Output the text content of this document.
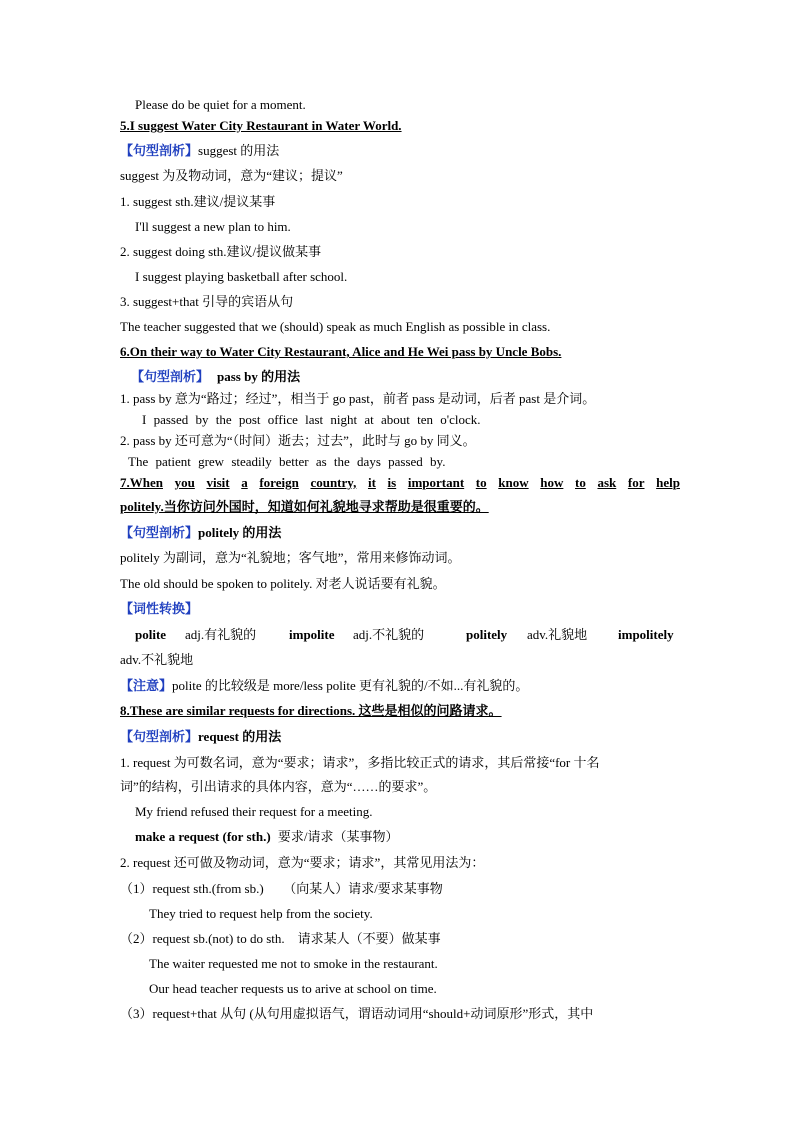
Please do be quiet for a moment.
5.I suggest Water City Restaurant in Water World.
【句型剖析】suggest 的用法
suggest 为及物动词，意为“建议；提议”
1. suggest sth.建议/提议某事
I'll suggest a new plan to him.
2. suggest doing sth.建议/提议做某事
I suggest playing basketball after school.
3. suggest+that 引导的宾语从句
The teacher suggested that we (should) speak as much English as possible in class.
6.On their way to Water City Restaurant, Alice and He Wei pass by Uncle Bobs.
【句型剖析】 pass by 的用法
1. pass by 意为“路过；经过”，相当于 go past，前者 pass 是动词，后者 past 是介词。
I passed by the post office last night at about ten o'clock.
2. pass by 还可意为“（时间）逝去；过去”，此时与 go by 同义。
The patient grew steadily better as the days passed by.
7.When you visit a foreign country, it is important to know how to ask for help
politely.当你访问外国时，知道如何礼貌地寻求帮助是很重要的。
【句型剖析】politely 的用法
politely 为副词，意为“礼貌地；客气地”，常用来修饰动词。
The old should be spoken to politely. 对老人说话要有礼貌。
【词性转换】
polite adj.有礼貌的	impolite adj.不礼貌的	politely adv.礼貌地 impolitely
adv.不礼貌地
【注意】polite 的比较级是 more/less polite 更有礼貌的/不如...有礼貌的。
8.These are similar requests for directions. 这些是相似的问路请求。
【句型剖析】request 的用法
1. request 为可数名词，意为“要求；请求”，多指比较正式的请求，其后常接“for 十名
词”的结构，引出请求的具体内容，意为“……的要求”。
My friend refused their request for a meeting.
make a request (for sth.) 要求/请求（某事物）
2. request 还可做及物动词，意为“要求；请求”，其常见用法为：
（1）request sth.(from sb.)　　（向某人）请求/要求某事物
They tried to request help from the society.
（2）request sb.(not) to do sth.　请求某人（不要）做某事
The waiter requested me not to smoke in the restaurant.
Our head teacher requests us to arive at school on time.
（3）request+that 从句 (从句用虚拟语气，谓语动词用“should+动词原形”形式，其中
